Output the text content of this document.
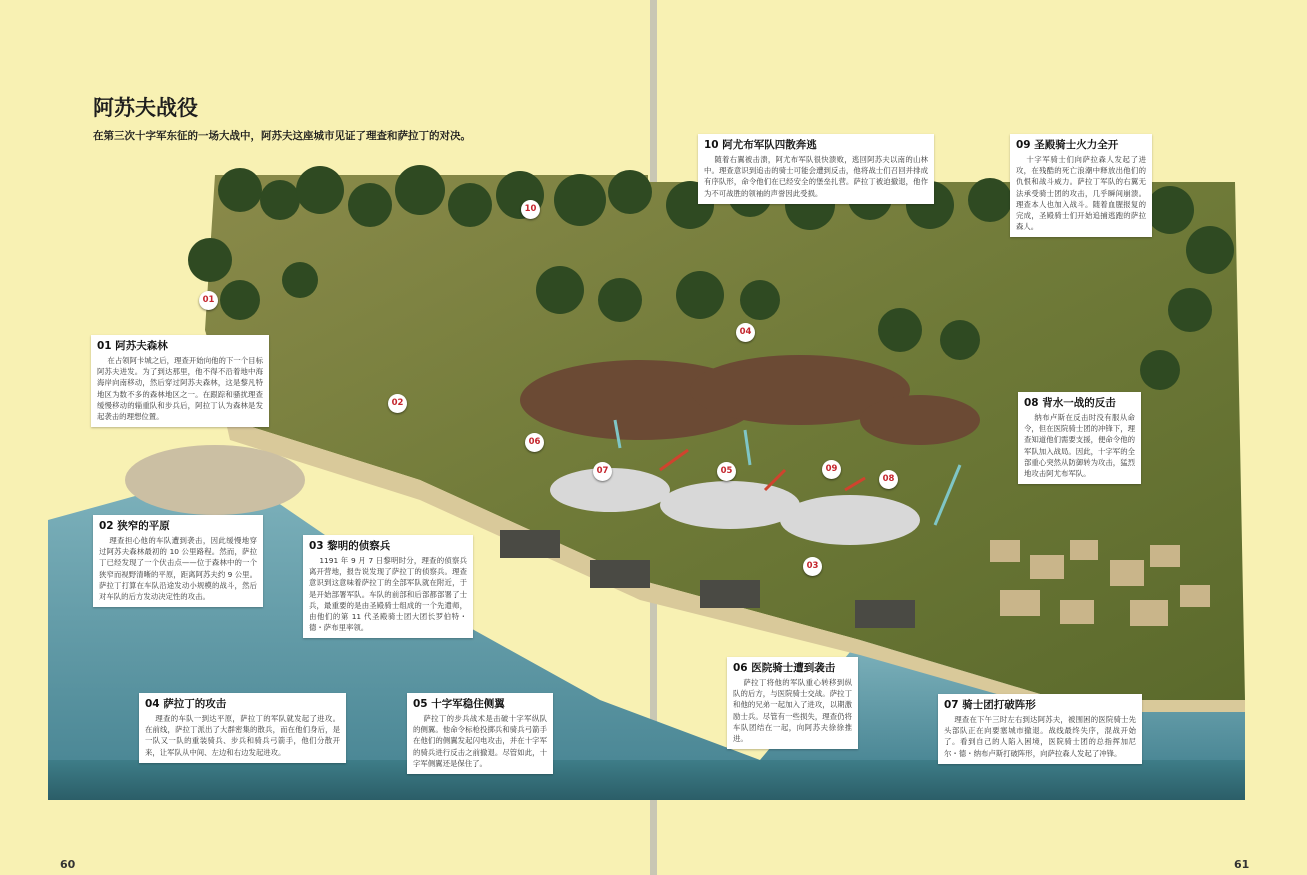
01
02
03
04
05
06
07
08
09
10
阿苏夫战役
在第三次十字军东征的一场大战中，阿苏夫这座城市见证了理查和萨拉丁的对决。
01 阿苏夫森林

在占领阿卡城之后，理查开始向他的下一个目标阿苏夫进发。为了到达那里，他不得不沿着地中海海岸向南移动，然后穿过阿苏夫森林，这是黎凡特地区为数不多的森林地区之一。在跟踪和骚扰理查缓慢移动的辎重队和步兵后，阿拉丁认为森林是发起袭击的理想位置。

02 狭窄的平原

理查担心他的车队遭到袭击，因此缓慢地穿过阿苏夫森林最初的 10 公里路程。然而，萨拉丁已经发现了一个伏击点——位于森林中的一个狭窄而视野清晰的平原，距离阿苏夫约 9 公里。萨拉丁打算在车队沿途发动小规模的战斗，然后对车队的后方发动决定性的攻击。

03 黎明的侦察兵

1191 年 9 月 7 日黎明时分，理查的侦察兵离开营地，报告说发现了萨拉丁的侦察兵。理查意识到这意味着萨拉丁的全部军队就在附近，于是开始部署军队。车队的前部和后部都部署了士兵，最重要的是由圣殿骑士组成的一个先遣师，由他们的第 11 代圣殿骑士团大团长罗伯特・德・萨布里率领。

04 萨拉丁的攻击

理查的车队一到达平原，萨拉丁的军队就发起了进攻。在前线，萨拉丁派出了大群密集的散兵，而在他们身后，是一队又一队的重装骑兵、步兵和骑兵弓箭手，他们分散开来，让军队从中间、左边和右边发起进攻。

05 十字军稳住侧翼

萨拉丁的步兵战术是击破十字军纵队的侧翼。他命令标枪投掷兵和骑兵弓箭手在他们的侧翼发起闪电攻击，并在十字军的骑兵进行反击之前撤退。尽管如此，十字军侧翼还是保住了。

06 医院骑士遭到袭击

萨拉丁将他的军队重心转移到纵队的后方，与医院骑士交战。萨拉丁和他的兄弟一起加入了进攻，以期激励士兵。尽管有一些损失，理查仍将车队团结在一起，向阿苏夫徐徐推进。

07 骑士团打破阵形

理查在下午三时左右到达阿苏夫，被围困的医院骑士先头部队正在向要塞城市撤退。战线最终失序，混战开始了。看到自己的人陷入困境，医院骑士团的总指挥加尼尔・德・纳布卢斯打破阵形，向萨拉森人发起了冲锋。

08 背水一战的反击

纳布卢斯在反击时没有服从命令，但在医院骑士团的冲锋下，理查知道他们需要支援，便命令他的军队加入战局。因此，十字军的全部重心突然从防御转为攻击，猛烈地攻击阿尤布军队。

09 圣殿骑士火力全开

十字军骑士们向萨拉森人发起了进攻，在残酷的死亡浪潮中释放出他们的仇恨和战斗威力。萨拉丁军队的右翼无法承受骑士团的攻击，几乎瞬间崩溃。理查本人也加入战斗。随着血腥报复的完成，圣殿骑士们开始追捕逃跑的萨拉森人。

10 阿尤布军队四散奔逃

随着右翼被击溃，阿尤布军队很快溃败，逃回阿苏夫以南的山林中。理查意识到追击的骑士可能会遭到反击，他将战士们召回并排成有序队形，命令他们在已经安全的堡垒扎营。萨拉丁被迫撤退，他作为不可战胜的领袖的声誉因此受损。

60	61
